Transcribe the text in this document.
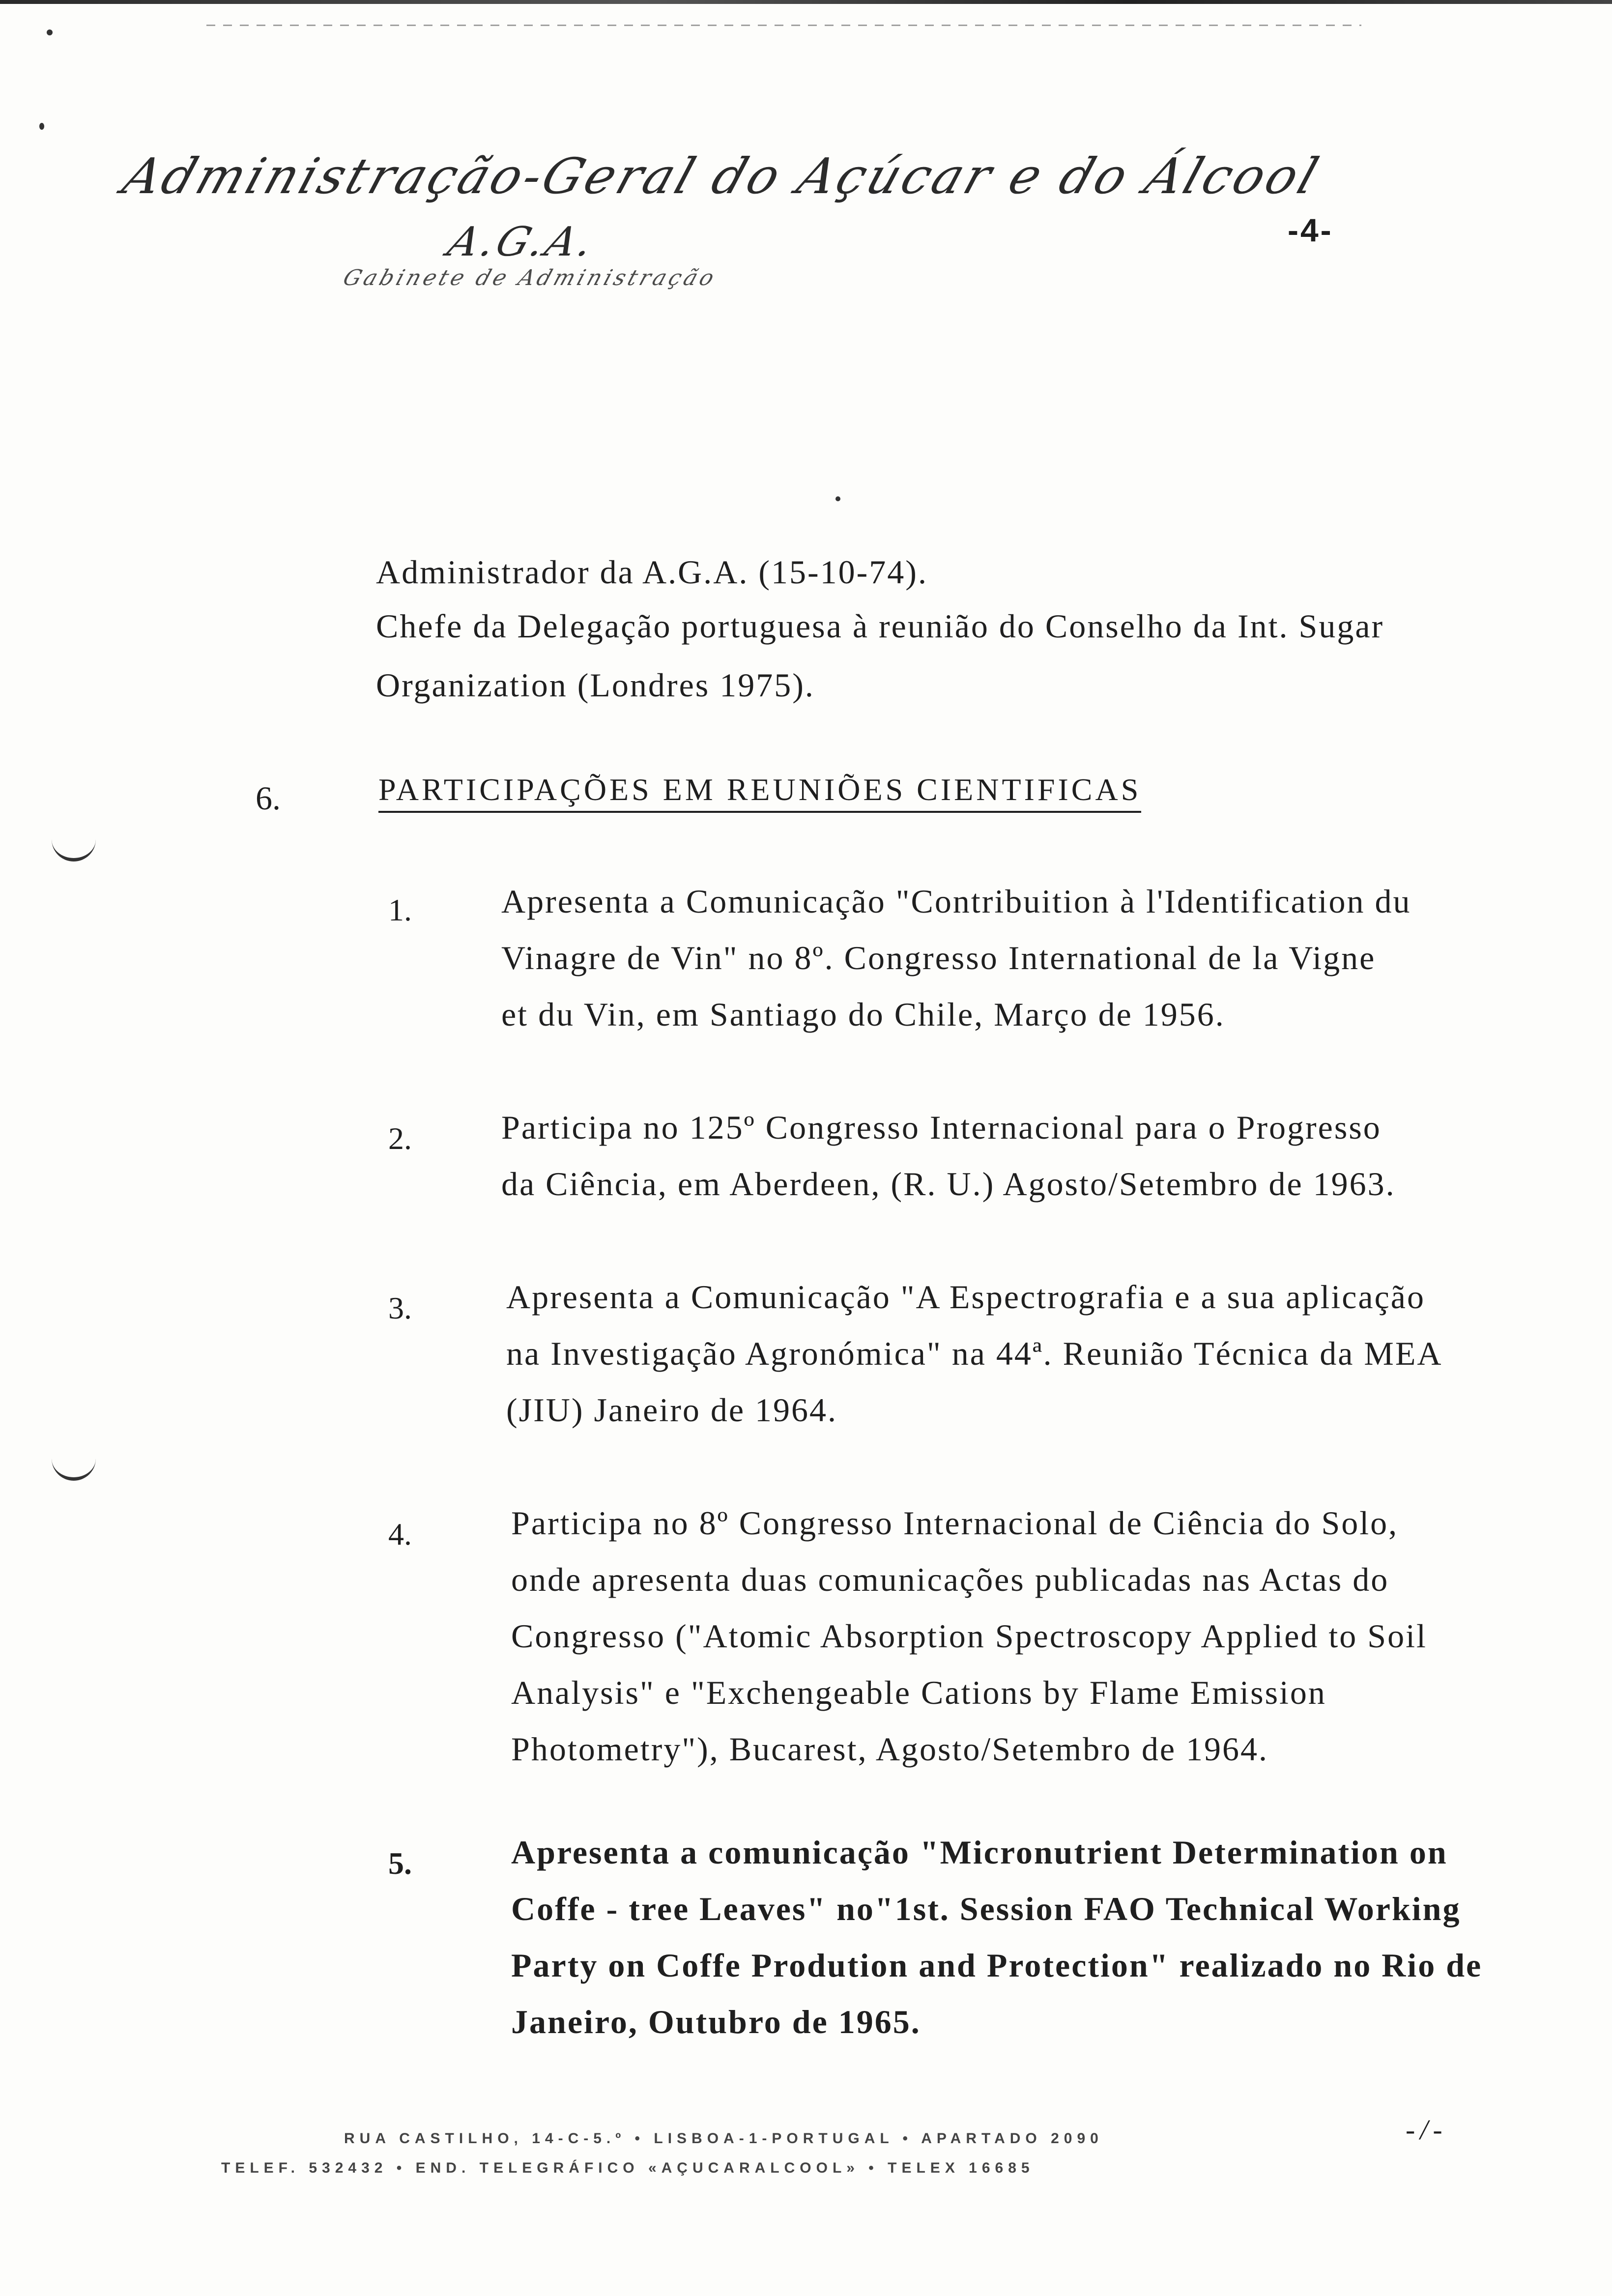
Administração-Geral do Açúcar e do Álcool
A.G.A.
Gabinete de Administração
-4-
Administrador da A.G.A. (15-10-74).
Chefe da Delegação portuguesa à reunião do Conselho da Int. Sugar
Organization (Londres 1975).
6.	PARTICIPAÇÕES EM REUNIÕES CIENTIFICAS
1.	Apresenta a Comunicação "Contribuition à l'Identification du
Vinagre de Vin" no 8º. Congresso International de la Vigne
et du Vin, em Santiago do Chile, Março de 1956.
2.	Participa no 125º Congresso Internacional para o Progresso
da Ciência, em Aberdeen, (R. U.) Agosto/Setembro de 1963.
3.	Apresenta a Comunicação "A Espectrografia e a sua aplicação
na Investigação Agronómica" na 44ª. Reunião Técnica da MEA
(JIU) Janeiro de 1964.
4.	Participa no 8º Congresso Internacional de Ciência do Solo,
onde apresenta duas comunicações publicadas nas Actas do
Congresso ("Atomic Absorption Spectroscopy Applied to Soil
Analysis" e "Exchengeable Cations by Flame Emission
Photometry"), Bucarest, Agosto/Setembro de 1964.
5.	Apresenta a comunicação "Micronutrient Determination on
Coffe - tree Leaves" no"1st. Session FAO Technical Working
Party on Coffe Prodution and Protection" realizado no Rio de
Janeiro, Outubro de 1965.
RUA CASTILHO, 14-C-5.º • LISBOA-1-PORTUGAL • APARTADO 2090
TELEF. 532432 • END. TELEGRÁFICO «AÇUCARALCOOL» • TELEX 16685
-/-
